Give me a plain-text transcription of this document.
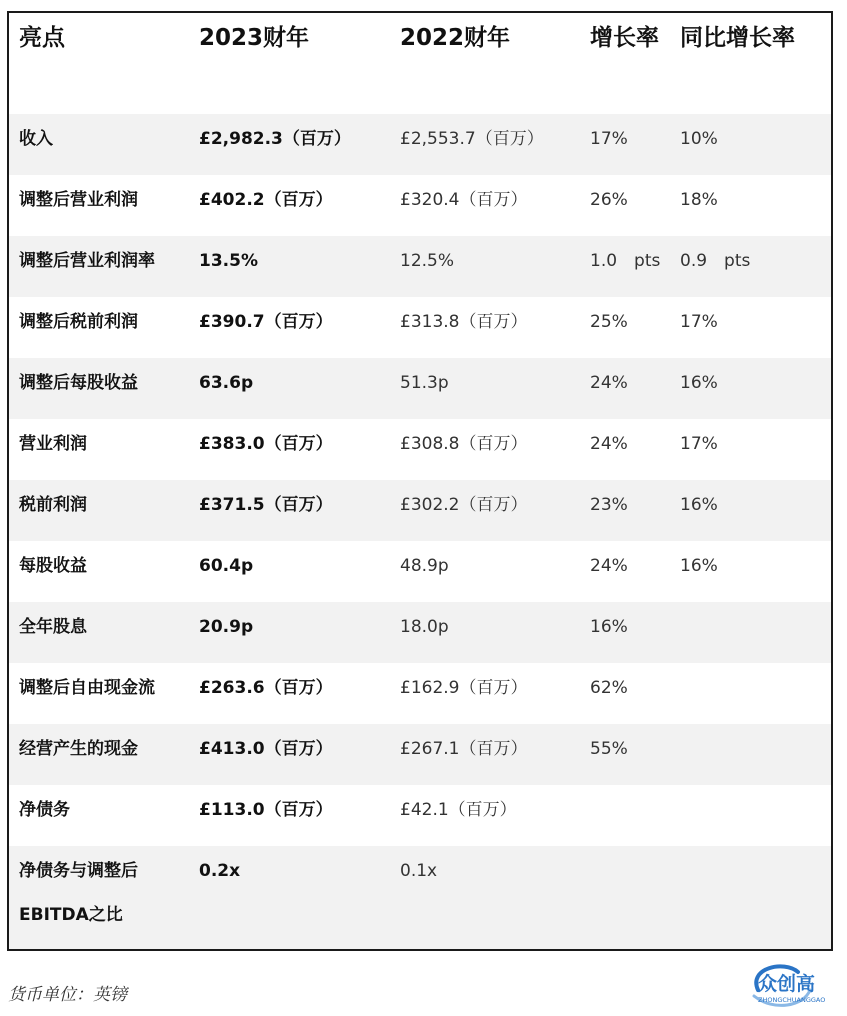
亮点	2023财年	2022财年	增长率	同比增长率
收入	£2,982.3（百万）	£2,553.7（百万）	17%	10%
调整后营业利润	£402.2（百万）	£320.4（百万）	26%	18%
调整后营业利润率	13.5%	12.5%	1.0　pts	0.9　pts
调整后税前利润	£390.7（百万）	£313.8（百万）	25%	17%
调整后每股收益	63.6p	51.3p	24%	16%
营业利润	£383.0（百万）	£308.8（百万）	24%	17%
税前利润	£371.5（百万）	£302.2（百万）	23%	16%
每股收益	60.4p	48.9p	24%	16%
全年股息	20.9p	18.0p	16%	
调整后自由现金流	£263.6（百万）	£162.9（百万）	62%	
经营产生的现金	£413.0（百万）	£267.1（百万）	55%	
净债务	£113.0（百万）	£42.1（百万）		
净债务与调整后EBITDA之比	0.2x	0.1x		
货币单位：英镑	众创高
ZHONGCHUANGGAO
